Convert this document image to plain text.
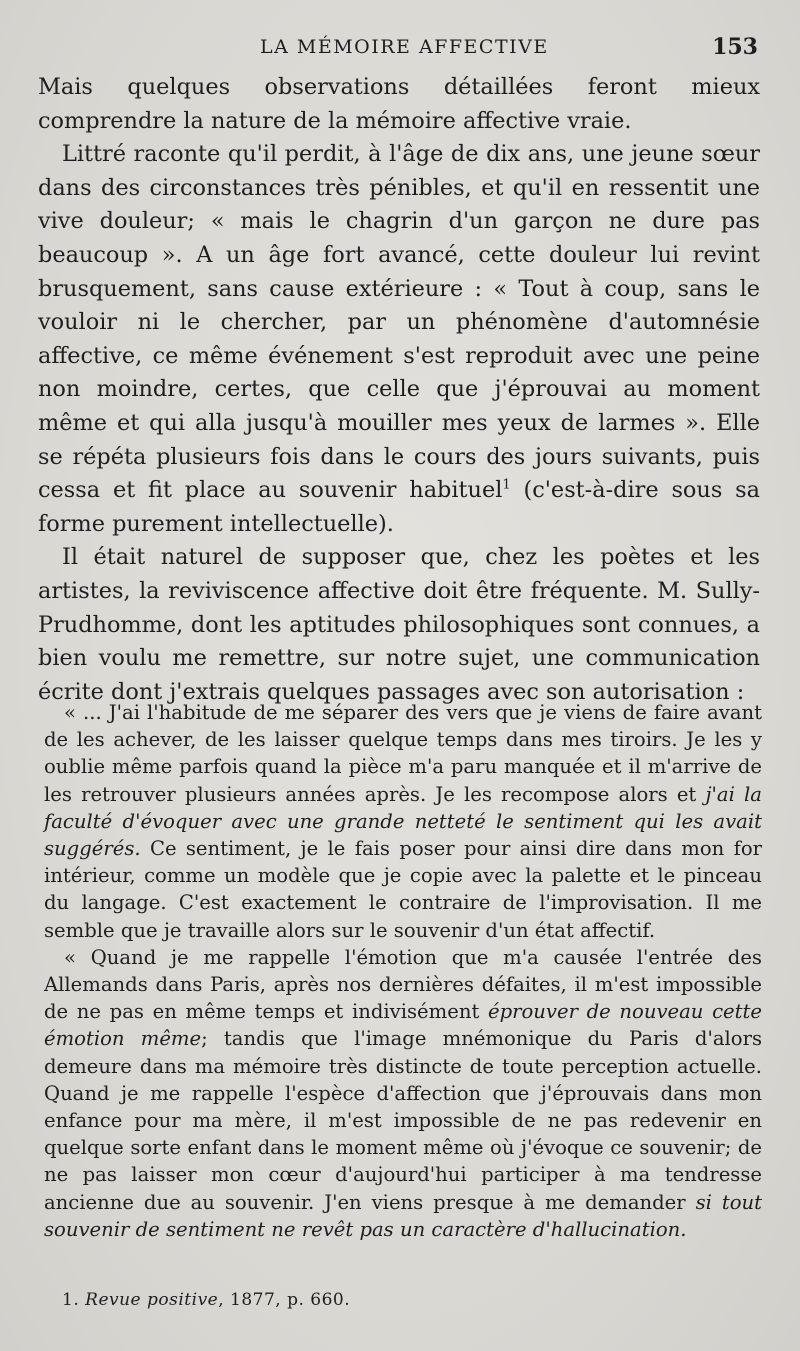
LA MÉMOIRE AFFECTIVE	153

Mais quelques observations détaillées feront mieux comprendre la nature de la mémoire affective vraie.

Littré raconte qu'il perdit, à l'âge de dix ans, une jeune sœur dans des circonstances très pénibles, et qu'il en ressentit une vive douleur; « mais le chagrin d'un garçon ne dure pas beaucoup ». A un âge fort avancé, cette douleur lui revint brusquement, sans cause extérieure : « Tout à coup, sans le vouloir ni le chercher, par un phénomène d'automnésie affective, ce même événement s'est reproduit avec une peine non moindre, certes, que celle que j'éprouvai au moment même et qui alla jusqu'à mouiller mes yeux de larmes ». Elle se répéta plusieurs fois dans le cours des jours suivants, puis cessa et fit place au souvenir habituel$^1$ (c'est-à-dire sous sa forme purement intellectuelle).

Il était naturel de supposer que, chez les poètes et les artistes, la reviviscence affective doit être fréquente. M. Sully-Prudhomme, dont les aptitudes philosophiques sont connues, a bien voulu me remettre, sur notre sujet, une communication écrite dont j'extrais quelques passages avec son autorisation :

« ... J'ai l'habitude de me séparer des vers que je viens de faire avant de les achever, de les laisser quelque temps dans mes tiroirs. Je les y oublie même parfois quand la pièce m'a paru manquée et il m'arrive de les retrouver plusieurs années après. Je les recompose alors et j'ai la faculté d'évoquer avec une grande netteté le sentiment qui les avait suggérés. Ce sentiment, je le fais poser pour ainsi dire dans mon for intérieur, comme un modèle que je copie avec la palette et le pinceau du langage. C'est exactement le contraire de l'improvisation. Il me semble que je travaille alors sur le souvenir d'un état affectif.

« Quand je me rappelle l'émotion que m'a causée l'entrée des Allemands dans Paris, après nos dernières défaites, il m'est impossible de ne pas en même temps et indivisément éprouver de nouveau cette émotion même; tandis que l'image mnémonique du Paris d'alors demeure dans ma mémoire très distincte de toute perception actuelle. Quand je me rappelle l'espèce d'affection que j'éprouvais dans mon enfance pour ma mère, il m'est impossible de ne pas redevenir en quelque sorte enfant dans le moment même où j'évoque ce souvenir; de ne pas laisser mon cœur d'aujourd'hui participer à ma tendresse ancienne due au souvenir. J'en viens presque à me demander si tout souvenir de sentiment ne revêt pas un caractère d'hallucination.

1. Revue positive, 1877, p. 660.
